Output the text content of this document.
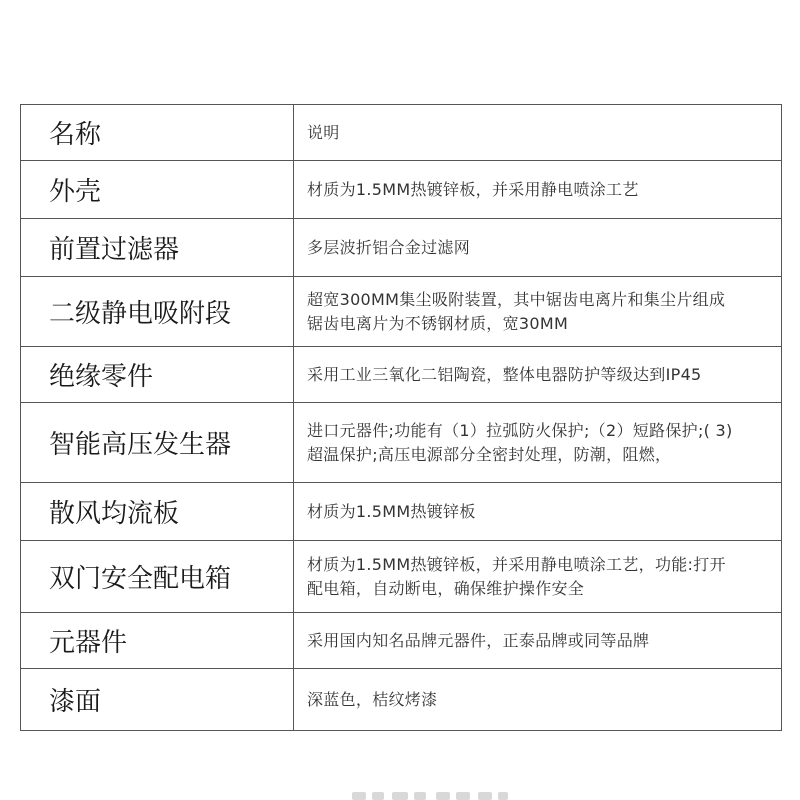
名称	说明
外壳	材质为1.5MM热镀锌板，并采用静电喷涂工艺
前置过滤器	多层波折铝合金过滤网
二级静电吸附段	超宽300MM集尘吸附装置，其中锯齿电离片和集尘片组成
锯齿电离片为不锈钢材质，宽30MM
绝缘零件	采用工业三氧化二铝陶瓷，整体电器防护等级达到IP45
智能高压发生器	进口元器件;功能有（1）拉弧防火保护;（2）短路保护;( 3)
超温保护;高压电源部分全密封处理，防潮，阻燃，
散风均流板	材质为1.5MM热镀锌板
双门安全配电箱	材质为1.5MM热镀锌板，并采用静电喷涂工艺，功能:打开
配电箱，自动断电，确保维护操作安全
元器件	采用国内知名品牌元器件，正泰品牌或同等品牌
漆面	深蓝色，桔纹烤漆
